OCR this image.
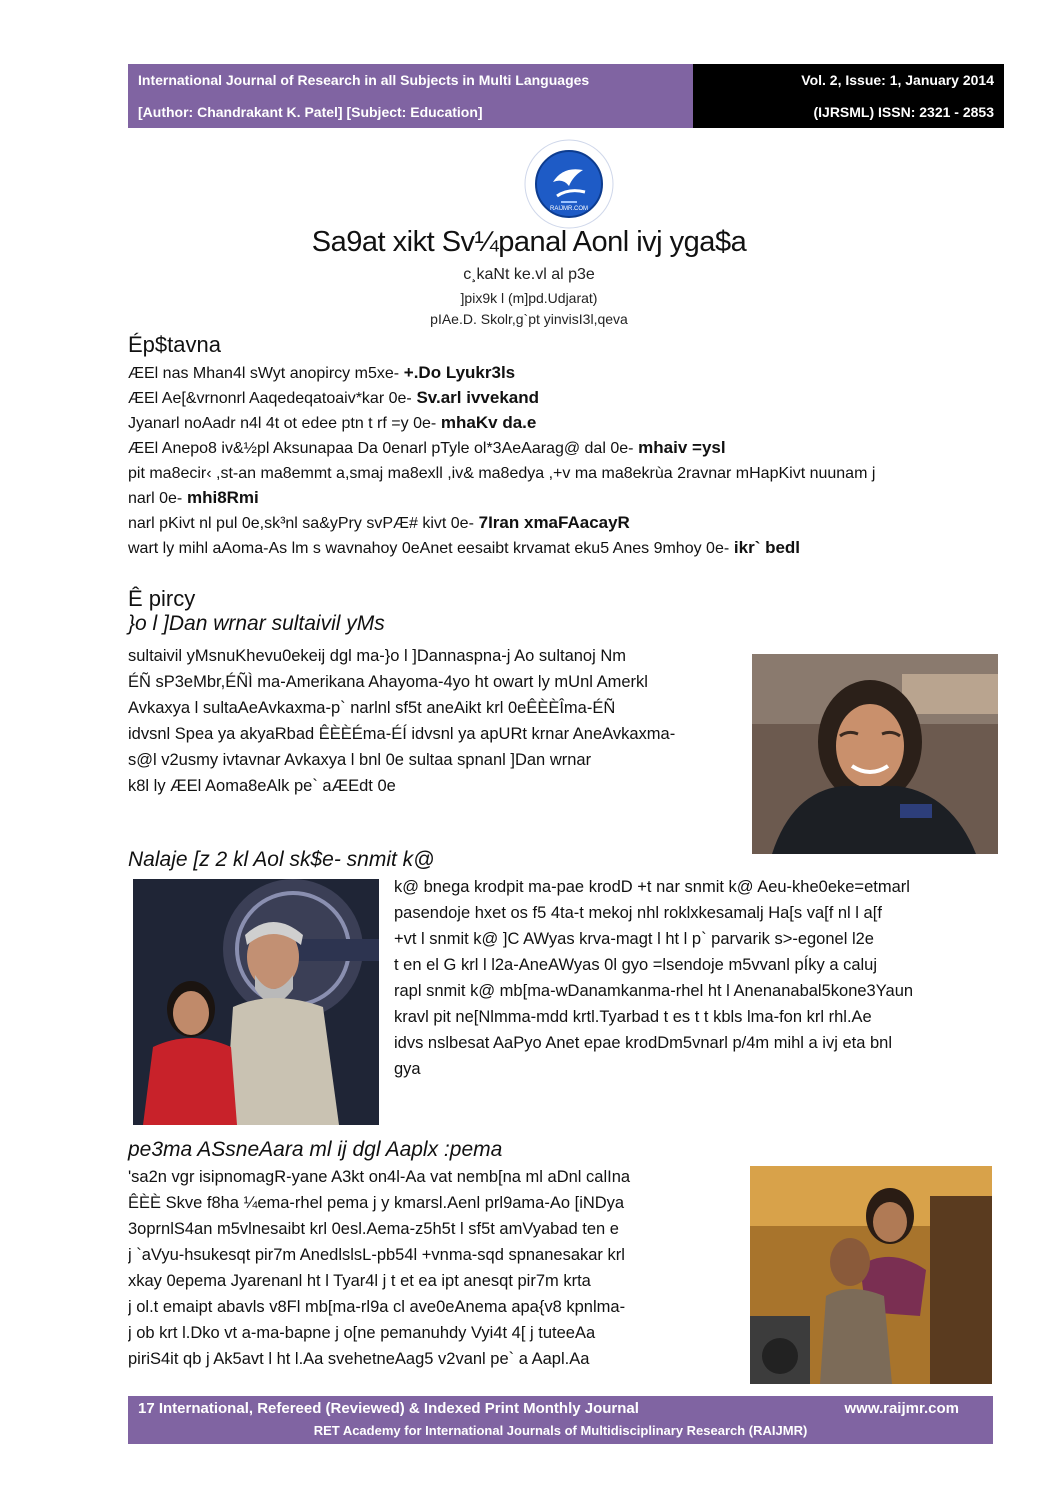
International Journal of Research in all Subjects in Multi Languages
[Author: Chandrakant K. Patel] [Subject: Education]
Vol. 2, Issue: 1, January 2014
(IJRSML) ISSN: 2321 - 2853
RAIJMR.COM
Sa9at xikt Sv¼panal Aonl ivj yga$a
c¸kaNt ke.vl al p3e
]pix9k l (m]pd.Udjarat)
pIAe.D. Skolr,g`pt yinvisI3l,qeva
Ép$tavna
ÆEl nas Mhan4l sWyt anopircy m5xe- +.Do Lyukr3ls
ÆEl Ae[&vrnonrl Aaqedeqatoaiv*kar 0e- Sv.arl ivvekand
Jyanarl noAadr n4l 4t ot edee ptn t rf =y 0e- mhaKv da.e
ÆEl Anepo8 iv&½pl Aksunapaa Da 0enarl pTyle ol*3AeAarag@ dal 0e- mhaiv =ysl
pit ma8ecir‹ ,st-an ma8emmt a,smaj ma8exll ,iv& ma8edya ,+v ma ma8ekrùa 2ravnar mHapKivt nuunam j
narl 0e- mhi8Rmi
narl pKivt nl pul 0e,sk³nl sa&yPry svPÆ# kivt 0e- 7Iran xmaFAacayR
wart ly mihl aAoma-As lm s wavnahoy 0eAnet eesaibt krvamat eku5 Anes 9mhoy 0e- ikr` bedl
Ê pircy
}o l ]Dan wrnar sultaivil yMs
sultaivil yMsnuKhevu0ekeij dgl ma-}o l ]Dannaspna-j Ao sultanoj Nm
ÉÑ sP3eMbr,ÉÑÌ ma-Amerikana Ahayoma-4yo ht owart ly mUnl Amerkl
Avkaxya l sultaAeAvkaxma-p` narlnl sf5t aneAikt krl 0eÊÈÈÎma-ÉÑ
idvsnl Spea ya akyaRbad ÊÈÈÉma-ÉÍ idvsnl ya apURt krnar AneAvkaxma-
s@l v2usmy ivtavnar Avkaxya l bnl 0e sultaa spnanl ]Dan wrnar
k8l ly ÆEl Aoma8eAlk pe` aÆEdt 0e
Nalaje [z 2 kl Aol sk$e- snmit k@
k@ bnega krodpit ma-pae krodD +t nar snmit k@ Aeu-khe0eke=etmarl
pasendoje hxet os f5 4ta-t mekoj nhl roklxkesamalj Ha[s va[f nl l a[f
+vt l snmit k@ ]C AWyas krva-magt l ht l p` parvarik s>-egonel l2e
t en el G krl l l2a-AneAWyas 0l gyo =lsendoje m5vvanl pÍky a caluj
rapl snmit k@ mb[ma-wDanamkanma-rhel ht l Anenanabal5kone3Yaun
kravl pit ne[Nlmma-mdd krtl.Tyarbad t es t t kbls lma-fon krl rhl.Ae
idvs nslbesat AaPyo Anet epae krodDm5vnarl p/4m mihl a ivj eta bnl
gya
pe3ma ASsneAara ml ij dgl Aaplx :pema
'sa2n vgr isipnomagR-yane A3kt on4l-Aa vat nemb[na ml aDnl calIna
ÊÈÈ Skve f8ha ¼ema-rhel pema j y kmarsl.Aenl prl9ama-Ao [iNDya
3oprnlS4an m5vlnesaibt krl 0esl.Aema-z5h5t l sf5t amVyabad ten e
j `aVyu-hsukesqt pir7m AnedlslsL-pb54l +vnma-sqd spnanesakar krl
xkay 0epema Jyarenanl ht l Tyar4l j t et ea ipt anesqt pir7m krta
j ol.t emaipt abavls v8Fl mb[ma-rl9a cl ave0eAnema apa{v8 kpnlma-
j ob krt l.Dko vt a-ma-bapne j o[ne pemanuhdy Vyi4t 4[ j tuteeAa
piriS4it qb j Ak5avt l ht l.Aa svehetneAag5 v2vanl pe` a Aapl.Aa
17 International, Refereed (Reviewed) & Indexed Print Monthly Journal	www.raijmr.com
RET Academy for International Journals of Multidisciplinary Research (RAIJMR)
